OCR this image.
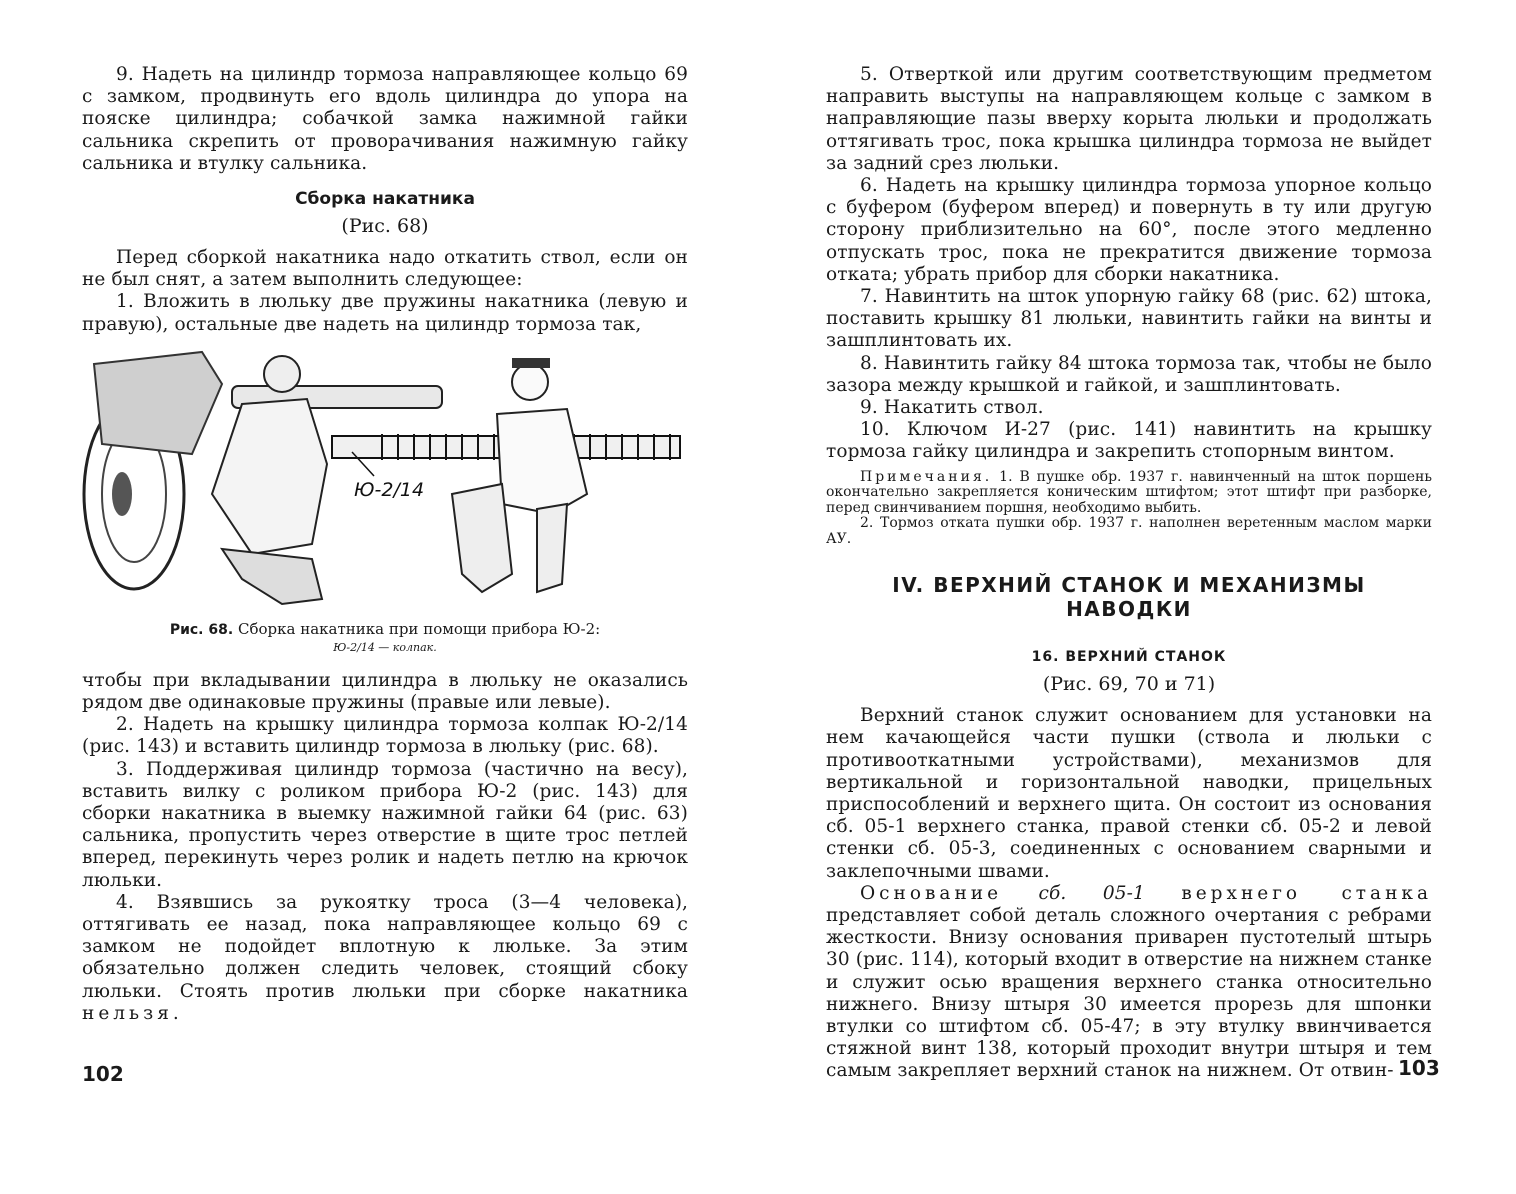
9. Надеть на цилиндр тормоза направляющее кольцо 69 с замком, продвинуть его вдоль цилиндра до упора на пояске цилиндра; собачкой замка нажимной гайки сальника скрепить от проворачивания нажимную гайку сальника и втулку сальника.

Сборка накатника

(Рис. 68)

Перед сборкой накатника надо откатить ствол, если он не был снят, а затем выполнить следующее:

1. Вложить в люльку две пружины накатника (левую и правую), остальные две надеть на цилиндр тормоза так,

Ю-2/14

Рис. 68. Сборка накатника при помощи прибора Ю-2:

Ю-2/14 — колпак.

чтобы при вкладывании цилиндра в люльку не оказались рядом две одинаковые пружины (правые или левые).

2. Надеть на крышку цилиндра тормоза колпак Ю-2/14 (рис. 143) и вставить цилиндр тормоза в люльку (рис. 68).

3. Поддерживая цилиндр тормоза (частично на весу), вставить вилку с роликом прибора Ю-2 (рис. 143) для сборки накатника в выемку нажимной гайки 64 (рис. 63) сальника, пропустить через отверстие в щите трос петлей вперед, перекинуть через ролик и надеть петлю на крючок люльки.

4. Взявшись за рукоятку троса (3—4 человека), оттягивать ее назад, пока направляющее кольцо 69 с замком не подойдет вплотную к люльке. За этим обязательно должен следить человек, стоящий сбоку люльки. Стоять против люльки при сборке накатника нельзя.

102

5. Отверткой или другим соответствующим предметом направить выступы на направляющем кольце с замком в направляющие пазы вверху корыта люльки и продолжать оттягивать трос, пока крышка цилиндра тормоза не выйдет за задний срез люльки.

6. Надеть на крышку цилиндра тормоза упорное кольцо с буфером (буфером вперед) и повернуть в ту или другую сторону приблизительно на 60°, после этого медленно отпускать трос, пока не прекратится движение тормоза отката; убрать прибор для сборки накатника.

7. Навинтить на шток упорную гайку 68 (рис. 62) штока, поставить крышку 81 люльки, навинтить гайки на винты и зашплинтовать их.

8. Навинтить гайку 84 штока тормоза так, чтобы не было зазора между крышкой и гайкой, и зашплинтовать.

9. Накатить ствол.

10. Ключом И-27 (рис. 141) навинтить на крышку тормоза гайку цилиндра и закрепить стопорным винтом.

Примечания. 1. В пушке обр. 1937 г. навинченный на шток поршень окончательно закрепляется коническим штифтом; этот штифт при разборке, перед свинчиванием поршня, необходимо выбить.

2. Тормоз отката пушки обр. 1937 г. наполнен веретенным маслом марки АУ.

IV. ВЕРХНИЙ СТАНОК И МЕХАНИЗМЫ НАВОДКИ

16. ВЕРХНИЙ СТАНОК

(Рис. 69, 70 и 71)

Верхний станок служит основанием для установки на нем качающейся части пушки (ствола и люльки с противооткатными устройствами), механизмов для вертикальной и горизонтальной наводки, прицельных приспособлений и верхнего щита. Он состоит из основания сб. 05-1 верхнего станка, правой стенки сб. 05-2 и левой стенки сб. 05-3, соединенных с основанием сварными и заклепочными швами.

Основание сб. 05-1 верхнего станка представляет собой деталь сложного очертания с ребрами жесткости. Внизу основания приварен пустотелый штырь 30 (рис. 114), который входит в отверстие на нижнем станке и служит осью вращения верхнего станка относительно нижнего. Внизу штыря 30 имеется прорезь для шпонки втулки со штифтом сб. 05-47; в эту втулку ввинчивается стяжной винт 138, который проходит внутри штыря и тем самым закрепляет верхний станок на нижнем. От отвин- 103
